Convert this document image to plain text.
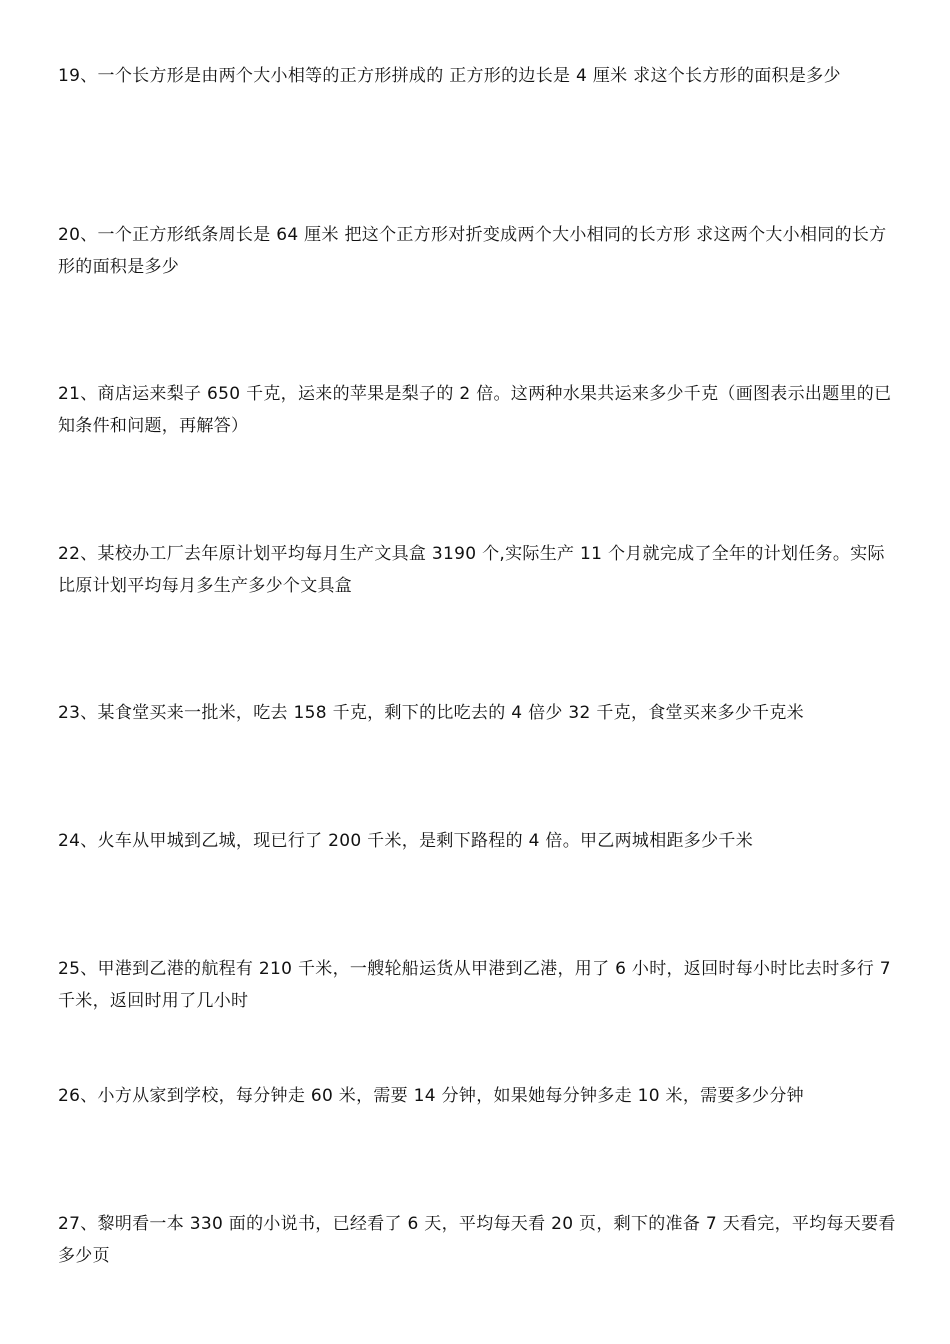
19、一个长方形是由两个大小相等的正方形拼成的 正方形的边长是 4 厘米 求这个长方形的面积是多少
20、一个正方形纸条周长是 64 厘米 把这个正方形对折变成两个大小相同的长方形 求这两个大小相同的长方形的面积是多少
21、商店运来梨子 650 千克，运来的苹果是梨子的 2 倍。这两种水果共运来多少千克（画图表示出题里的已知条件和问题，再解答）
22、某校办工厂去年原计划平均每月生产文具盒 3190 个,实际生产 11 个月就完成了全年的计划任务。实际比原计划平均每月多生产多少个文具盒
23、某食堂买来一批米，吃去 158 千克，剩下的比吃去的 4 倍少 32 千克，食堂买来多少千克米
24、火车从甲城到乙城，现已行了 200 千米，是剩下路程的 4 倍。甲乙两城相距多少千米
25、甲港到乙港的航程有 210 千米，一艘轮船运货从甲港到乙港，用了 6 小时，返回时每小时比去时多行 7 千米，返回时用了几小时
26、小方从家到学校，每分钟走 60 米，需要 14 分钟，如果她每分钟多走 10 米，需要多少分钟
27、黎明看一本 330 面的小说书，已经看了 6 天，平均每天看 20 页，剩下的准备 7 天看完，平均每天要看多少页
